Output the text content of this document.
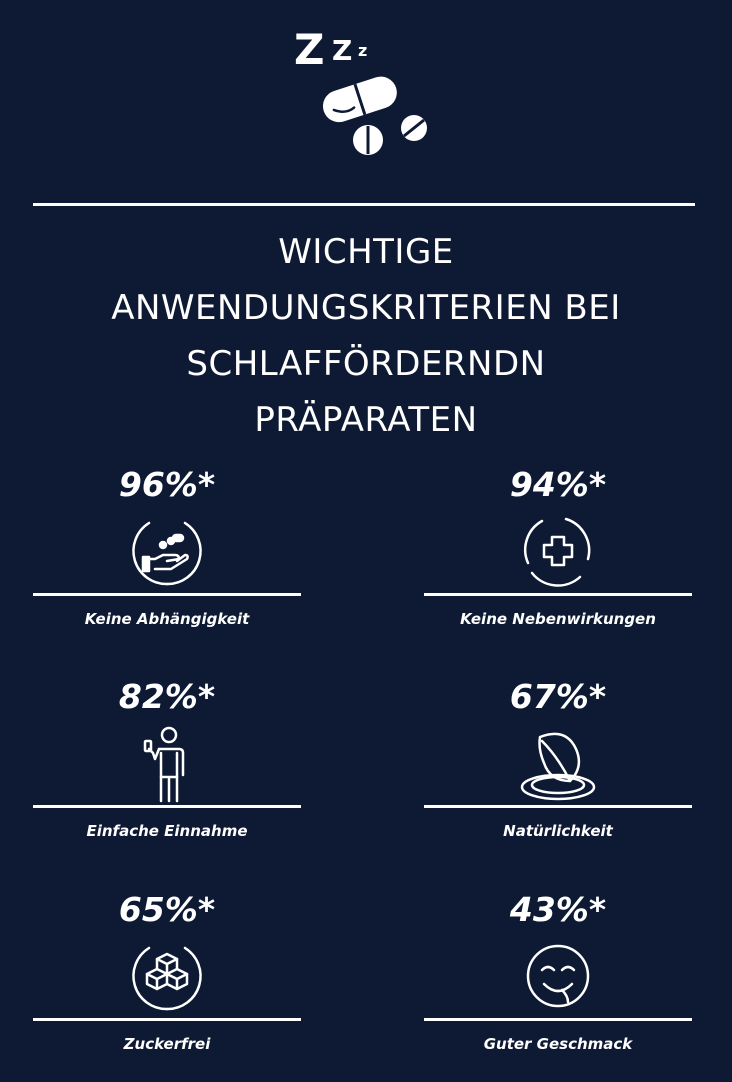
Z Z z
WICHTIGE
ANWENDUNGSKRITERIEN BEI
SCHLAFFÖRDERNDN
PRÄPARATEN
96%*
Keine Abhängigkeit
94%*
Keine Nebenwirkungen
82%*
Einfache Einnahme
67%*
Natürlichkeit
65%*
Zuckerfrei
43%*
Guter Geschmack
